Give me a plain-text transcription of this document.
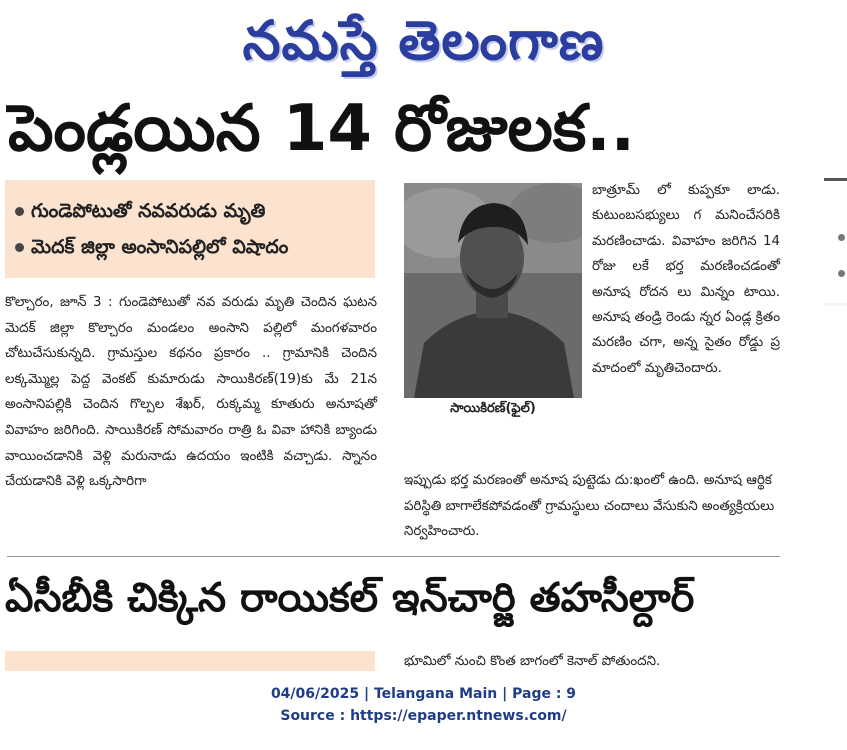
నమస్తే తెలంగాణ
పెండ్లయిన 14 రోజులక..
గుండెపోటుతో నవవరుడు మృతి
మెదక్ జిల్లా అంసానిపల్లిలో విషాదం

కొల్చారం, జూన్ 3 : గుండెపోటుతో నవ వరుడు మృతి చెందిన ఘటన మెదక్ జిల్లా కొల్చారం మండలం అంసాని పల్లిలో మంగళవారం చోటుచేసుకున్నది. గ్రామస్తుల కథనం ప్రకారం .. గ్రామానికి చెందిన లక్కమ్మొల్ల పెద్ద వెంకట్ కుమారుడు సాయికిరణ్(19)కు మే 21న అంసానిపల్లికి చెందిన గొల్పల శేఖర్, రుక్కమ్మ కూతురు అనూషతో వివాహం జరిగింది. సాయికిరణ్ సోమవారం రాత్రి ఓ వివా హానికి బ్యాండు వాయించడానికి వెళ్లి మరునాడు ఉదయం ఇంటికి వచ్చాడు. స్నానం చేయడానికి వెళ్లి ఒక్కసారిగా

సాయికిరణ్(ఫైల్)

బాత్రూమ్ లో కుప్పకూ లాడు. కుటుంబసభ్యులు గ మనించేసరికి మరణించాడు. వివాహం జరిగిన 14 రోజు లకే భర్త మరణించడంతో అనూష రోదన లు మిన్నం టాయి. అనూష తండ్రి రెండు న్నర ఏండ్ల క్రితం మరణిం చగా, అన్న సైతం రోడ్డు ప్ర మాదంలో మృతిచెందారు.

ఇప్పుడు భర్త మరణంతో అనూష పుట్టెడు దు:ఖంలో ఉంది. అనూష ఆర్థిక పరిస్థితి బాగాలేకపోవడంతో గ్రామస్థులు చందాలు వేసుకుని అంత్యక్రియలు నిర్వహించారు.

ఏసీబీకి చిక్కిన రాయికల్ ఇన్‌చార్జి తహసీల్దార్
భూమిలో నుంచి కొంత బాగంలో కెనాల్ పోతుందని.
04/06/2025 | Telangana Main | Page : 9
Source : https://epaper.ntnews.com/
